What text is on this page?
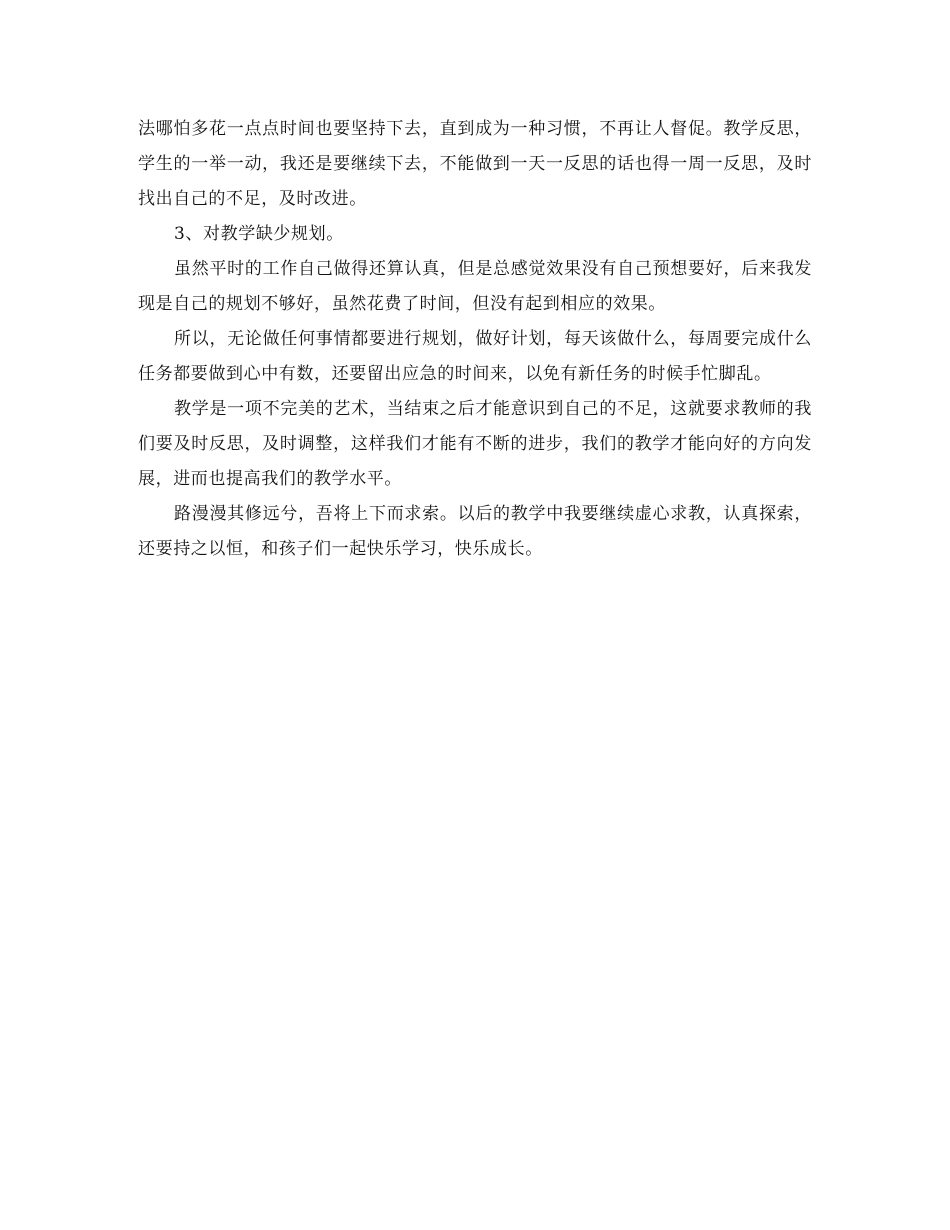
法哪怕多花一点点时间也要坚持下去，直到成为一种习惯，不再让人督促。教学反思，学生的一举一动，我还是要继续下去，不能做到一天一反思的话也得一周一反思，及时找出自己的不足，及时改进。

3、对教学缺少规划。

虽然平时的工作自己做得还算认真，但是总感觉效果没有自己预想要好，后来我发现是自己的规划不够好，虽然花费了时间，但没有起到相应的效果。

所以，无论做任何事情都要进行规划，做好计划，每天该做什么，每周要完成什么任务都要做到心中有数，还要留出应急的时间来，以免有新任务的时候手忙脚乱。

教学是一项不完美的艺术，当结束之后才能意识到自己的不足，这就要求教师的我们要及时反思，及时调整，这样我们才能有不断的进步，我们的教学才能向好的方向发展，进而也提高我们的教学水平。

路漫漫其修远兮，吾将上下而求索。以后的教学中我要继续虚心求教，认真探索，还要持之以恒，和孩子们一起快乐学习，快乐成长。
